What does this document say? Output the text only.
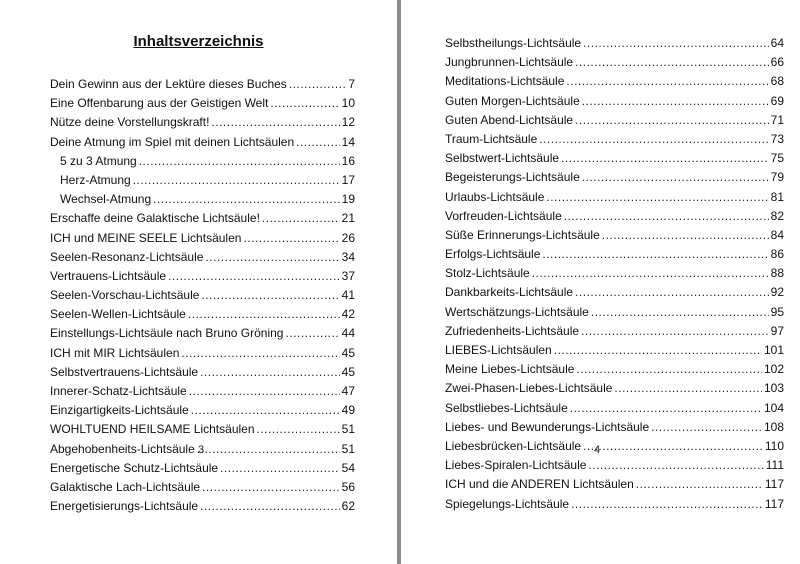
Inhaltsverzeichnis
Dein Gewinn aus der Lektüre dieses Buches .....	7
Eine Offenbarung aus der Geistigen Welt .....	10
Nütze deine Vorstellungskraft! .....	12
Deine Atmung im Spiel mit deinen Lichtsäulen .....	14
5 zu 3 Atmung .....	16
Herz-Atmung .....	17
Wechsel-Atmung .....	19
Erschaffe deine Galaktische Lichtsäule! .....	21
ICH und MEINE SEELE Lichtsäulen .....	26
Seelen-Resonanz-Lichtsäule .....	34
Vertrauens-Lichtsäule .....	37
Seelen-Vorschau-Lichtsäule .....	41
Seelen-Wellen-Lichtsäule .....	42
Einstellungs-Lichtsäule nach Bruno Gröning .....	44
ICH mit MIR Lichtsäulen .....	45
Selbstvertrauens-Lichtsäule .....	45
Innerer-Schatz-Lichtsäule .....	47
Einzigartigkeits-Lichtsäule .....	49
WOHLTUEND HEILSAME Lichtsäulen .....	51
Abgehobenheits-Lichtsäule .....	51
Energetische Schutz-Lichtsäule .....	54
Galaktische Lach-Lichtsäule .....	56
Energetisierungs-Lichtsäule .....	62
3
Selbstheilungs-Lichtsäule .....	64
Jungbrunnen-Lichtsäule .....	66
Meditations-Lichtsäule .....	68
Guten Morgen-Lichtsäule .....	69
Guten Abend-Lichtsäule .....	71
Traum-Lichtsäule .....	73
Selbstwert-Lichtsäule .....	75
Begeisterungs-Lichtsäule .....	79
Urlaubs-Lichtsäule .....	81
Vorfreuden-Lichtsäule .....	82
Süße Erinnerungs-Lichtsäule .....	84
Erfolgs-Lichtsäule .....	86
Stolz-Lichtsäule .....	88
Dankbarkeits-Lichtsäule .....	92
Wertschätzungs-Lichtsäule .....	95
Zufriedenheits-Lichtsäule .....	97
LIEBES-Lichtsäulen .....	101
Meine Liebes-Lichtsäule .....	102
Zwei-Phasen-Liebes-Lichtsäule .....	103
Selbstliebes-Lichtsäule .....	104
Liebes- und Bewunderungs-Lichtsäule .....	108
Liebesbrücken-Lichtsäule .....	110
Liebes-Spiralen-Lichtsäule .....	111
ICH und die ANDEREN Lichtsäulen .....	117
Spiegelungs-Lichtsäule .....	117
4
